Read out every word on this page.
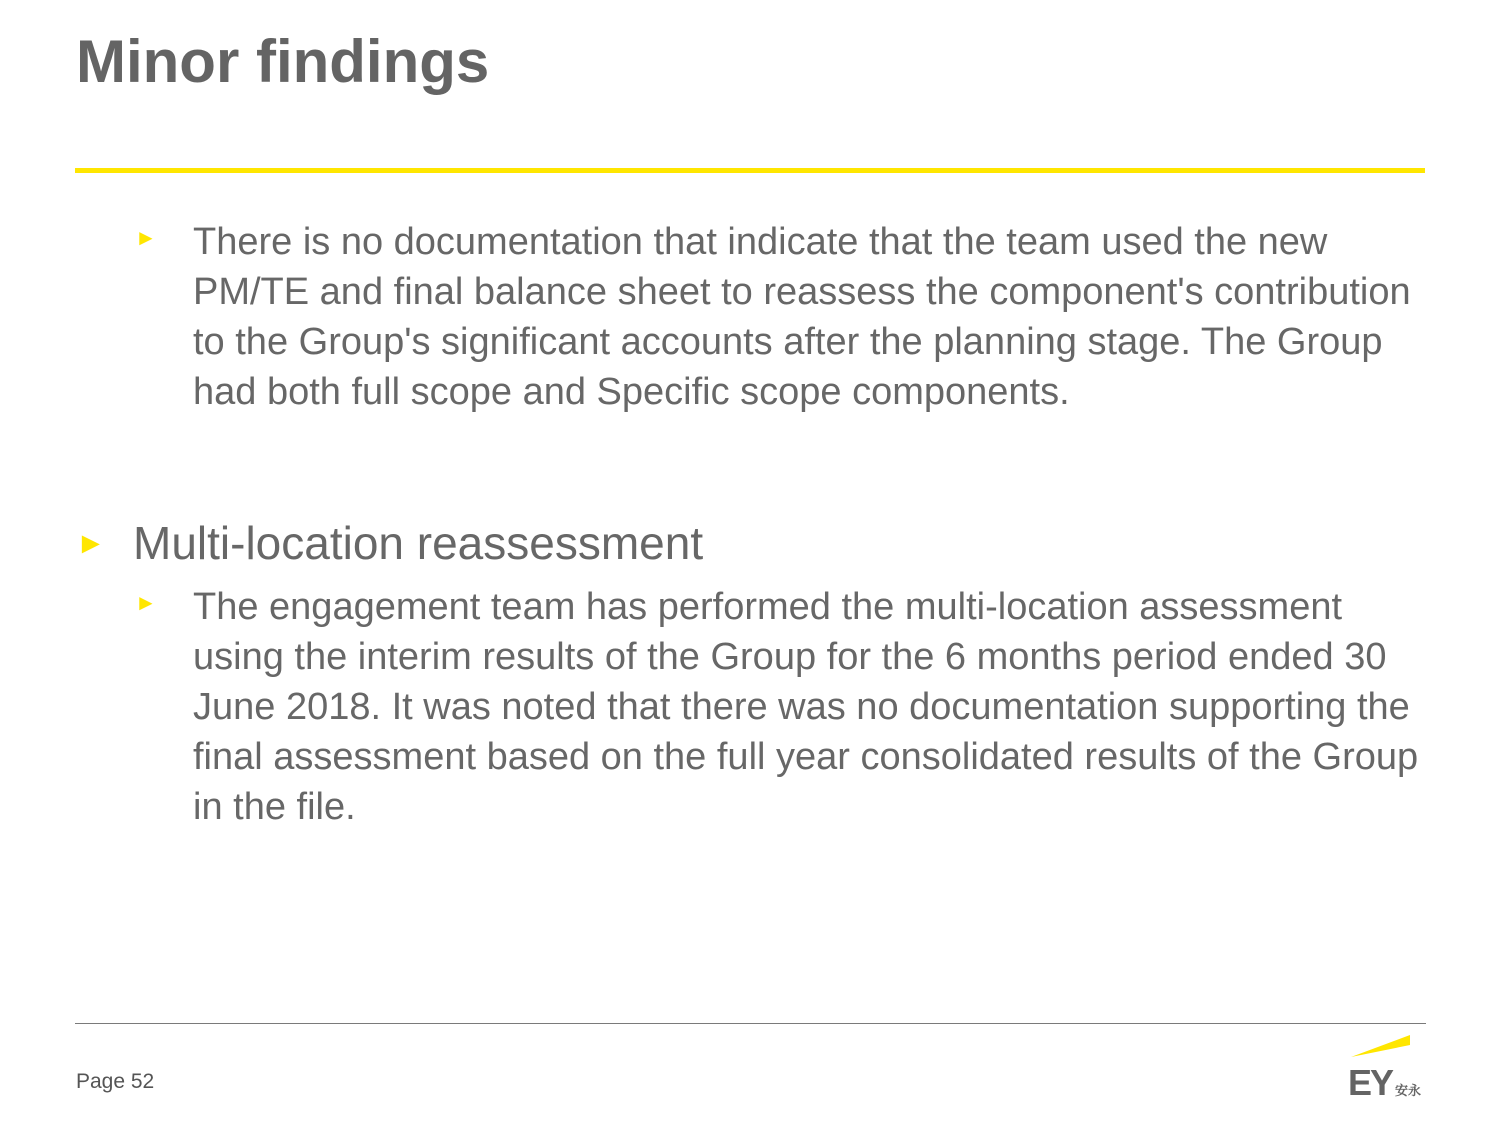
Minor findings
► There is no documentation that indicate that the team used the new PM/TE and final balance sheet to reassess the component's contribution to the Group's significant accounts after the planning stage. The Group had both full scope and Specific scope components.
► Multi-location reassessment
► The engagement team has performed the multi-location assessment using the interim results of the Group for the 6 months period ended 30 June 2018. It was noted that there was no documentation supporting the final assessment based on the full year consolidated results of the Group in the file.
Page 52	EY 安永
